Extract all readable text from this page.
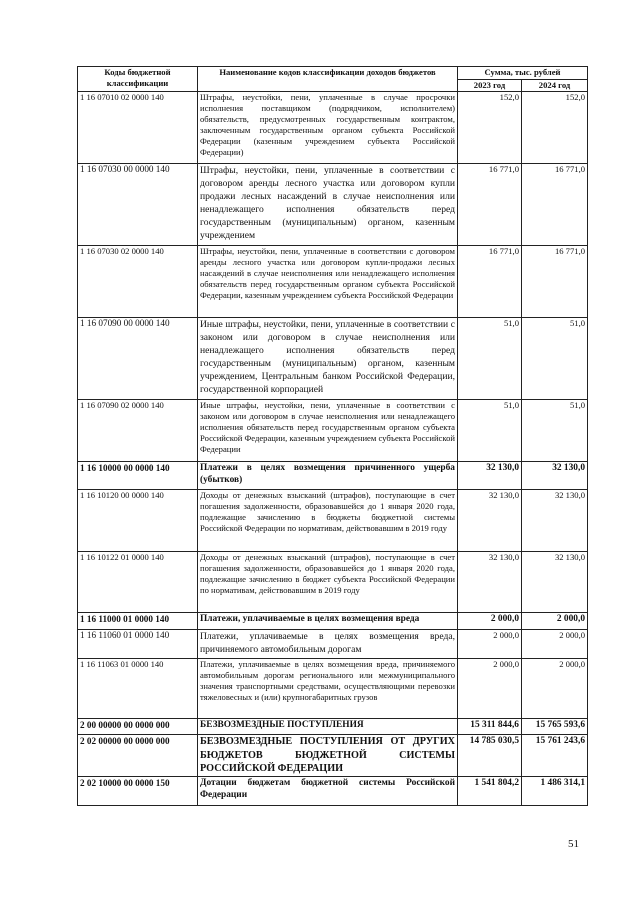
Коды бюджетной классификации	Наименование кодов классификации доходов бюджетов	Сумма, тыс. рублей	
		2023 год	2024 год
1 16 07010 02 0000 140	Штрафы, неустойки, пени, уплаченные в случае просрочки исполнения поставщиком (подрядчиком, исполнителем) обязательств, предусмотренных государственным контрактом, заключенным государственным органом субъекта Российской Федерации (казенным учреждением субъекта Российской Федерации)	152,0	152,0
1 16 07030 00 0000 140	Штрафы, неустойки, пени, уплаченные в соответствии с договором аренды лесного участка или договором купли продажи лесных насаждений в случае неисполнения или ненадлежащего исполнения обязательств перед государственным (муниципальным) органом, казенным учреждением	16 771,0	16 771,0
1 16 07030 02 0000 140	Штрафы, неустойки, пени, уплаченные в соответствии с договором аренды лесного участка или договором купли-продажи лесных насаждений в случае неисполнения или ненадлежащего исполнения обязательств перед государственным органом субъекта Российской Федерации, казенным учреждением субъекта Российской Федерации	16 771,0	16 771,0
1 16 07090 00 0000 140	Иные штрафы, неустойки, пени, уплаченные в соответствии с законом или договором в случае неисполнения или ненадлежащего исполнения обязательств перед государственным (муниципальным) органом, казенным учреждением, Центральным банком Российской Федерации, государственной корпорацией	51,0	51,0
1 16 07090 02 0000 140	Иные штрафы, неустойки, пени, уплаченные в соответствии с законом или договором в случае неисполнения или ненадлежащего исполнения обязательств перед государственным органом субъекта Российской Федерации, казенным учреждением субъекта Российской Федерации	51,0	51,0
1 16 10000 00 0000 140	Платежи в целях возмещения причиненного ущерба (убытков)	32 130,0	32 130,0
1 16 10120 00 0000 140	Доходы от денежных взысканий (штрафов), поступающие в счет погашения задолженности, образовавшейся до 1 января 2020 года, подлежащие зачислению в бюджеты бюджетной системы Российской Федерации по нормативам, действовавшим в 2019 году	32 130,0	32 130,0
1 16 10122 01 0000 140	Доходы от денежных взысканий (штрафов), поступающие в счет погашения задолженности, образовавшейся до 1 января 2020 года, подлежащие зачислению в бюджет субъекта Российской Федерации по нормативам, действовавшим в 2019 году	32 130,0	32 130,0
1 16 11000 01 0000 140	Платежи, уплачиваемые в целях возмещения вреда	2 000,0	2 000,0
1 16 11060 01 0000 140	Платежи, уплачиваемые в целях возмещения вреда, причиняемого автомобильным дорогам	2 000,0	2 000,0
1 16 11063 01 0000 140	Платежи, уплачиваемые в целях возмещения вреда, причиняемого автомобильным дорогам регионального или межмуниципального значения транспортными средствами, осуществляющими перевозки тяжеловесных и (или) крупногабаритных грузов	2 000,0	2 000,0
2 00 00000 00 0000 000	БЕЗВОЗМЕЗДНЫЕ ПОСТУПЛЕНИЯ	15 311 844,6	15 765 593,6
2 02 00000 00 0000 000	БЕЗВОЗМЕЗДНЫЕ ПОСТУПЛЕНИЯ ОТ ДРУГИХ БЮДЖЕТОВ БЮДЖЕТНОЙ СИСТЕМЫ РОССИЙСКОЙ ФЕДЕРАЦИИ	14 785 030,5	15 761 243,6
2 02 10000 00 0000 150	Дотации бюджетам бюджетной системы Российской Федерации	1 541 804,2	1 486 314,1
51
